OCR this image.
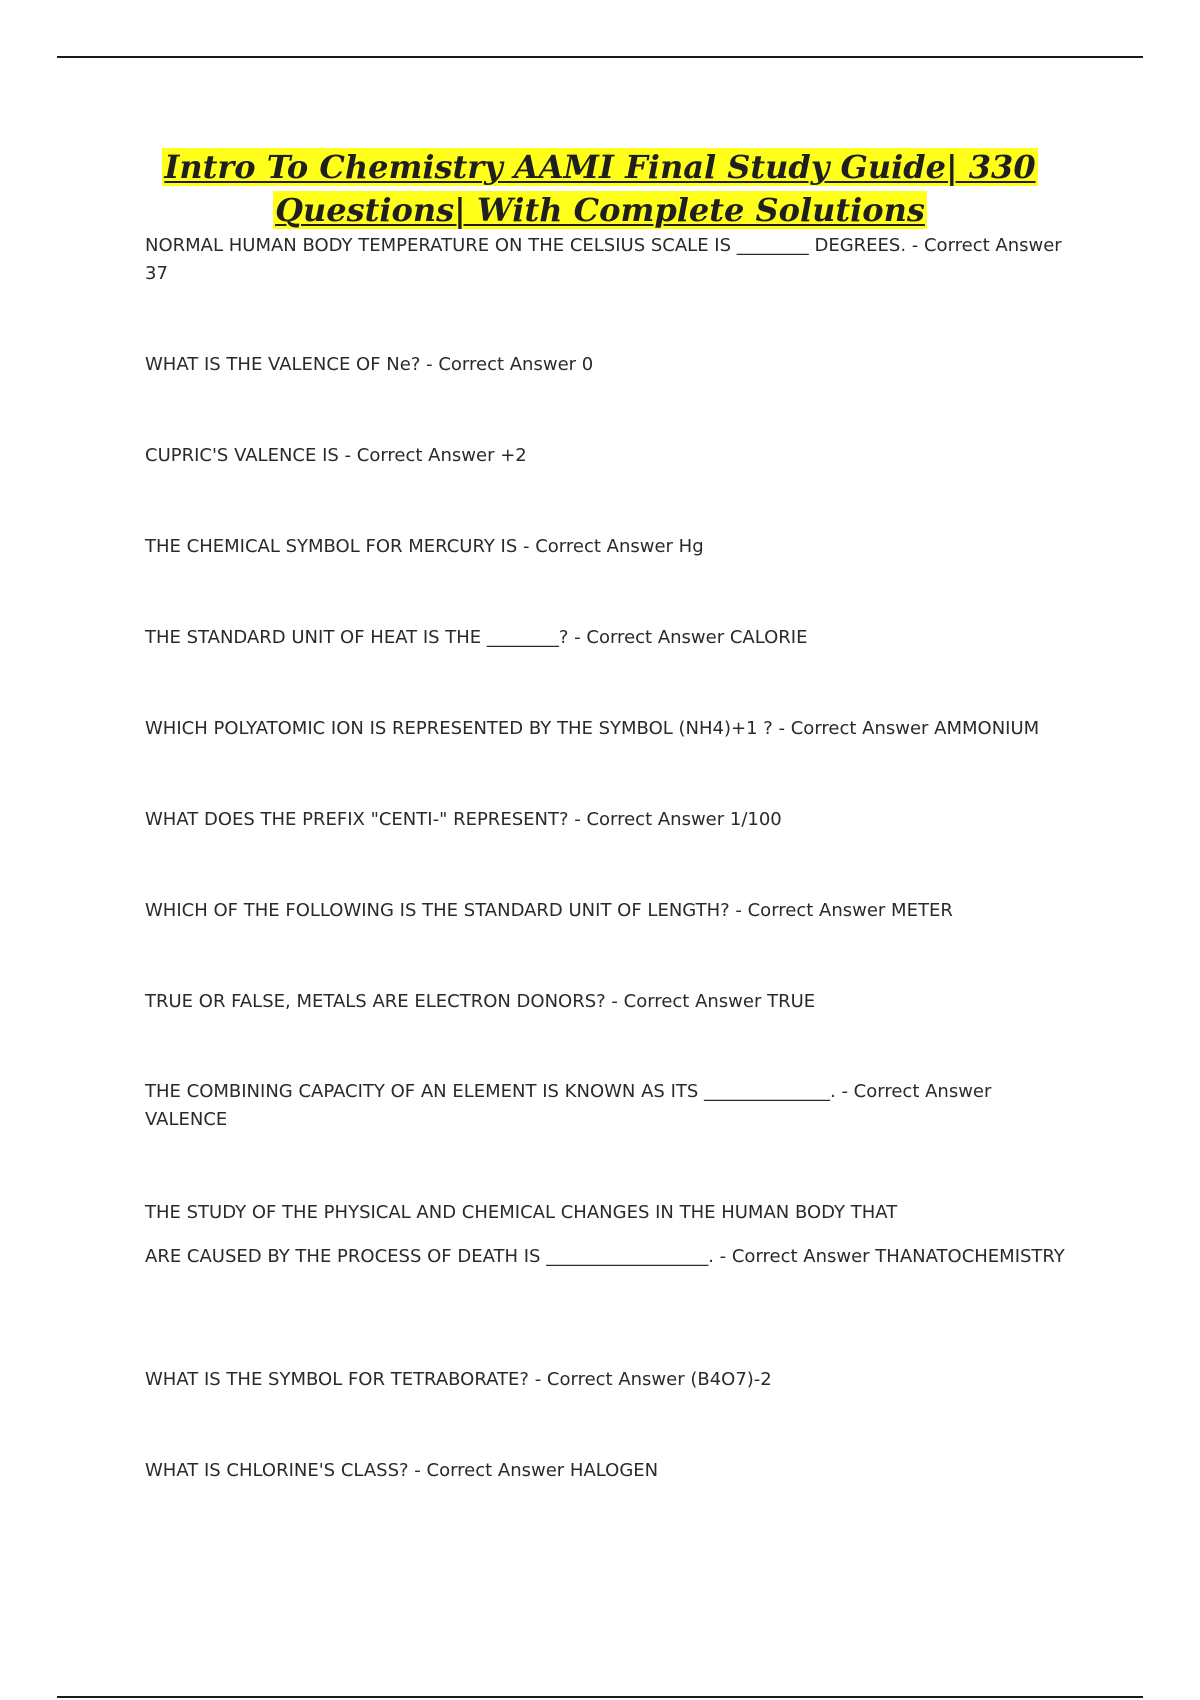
Intro To Chemistry AAMI Final Study Guide| 330
Questions| With Complete Solutions
NORMAL HUMAN BODY TEMPERATURE ON THE CELSIUS SCALE IS ________ DEGREES. - Correct Answer 37
WHAT IS THE VALENCE OF Ne? - Correct Answer 0
CUPRIC'S VALENCE IS - Correct Answer +2
THE CHEMICAL SYMBOL FOR MERCURY IS - Correct Answer Hg
THE STANDARD UNIT OF HEAT IS THE ________? - Correct Answer CALORIE
WHICH POLYATOMIC ION IS REPRESENTED BY THE SYMBOL (NH4)+1 ? - Correct Answer AMMONIUM
WHAT DOES THE PREFIX "CENTI-" REPRESENT? - Correct Answer 1/100
WHICH OF THE FOLLOWING IS THE STANDARD UNIT OF LENGTH? - Correct Answer METER
TRUE OR FALSE, METALS ARE ELECTRON DONORS? - Correct Answer TRUE
THE COMBINING CAPACITY OF AN ELEMENT IS KNOWN AS ITS ______________. - Correct Answer VALENCE
THE STUDY OF THE PHYSICAL AND CHEMICAL CHANGES IN THE HUMAN BODY THAT
ARE CAUSED BY THE PROCESS OF DEATH IS __________________. - Correct Answer THANATOCHEMISTRY
WHAT IS THE SYMBOL FOR TETRABORATE? - Correct Answer (B4O7)-2
WHAT IS CHLORINE'S CLASS? - Correct Answer HALOGEN
